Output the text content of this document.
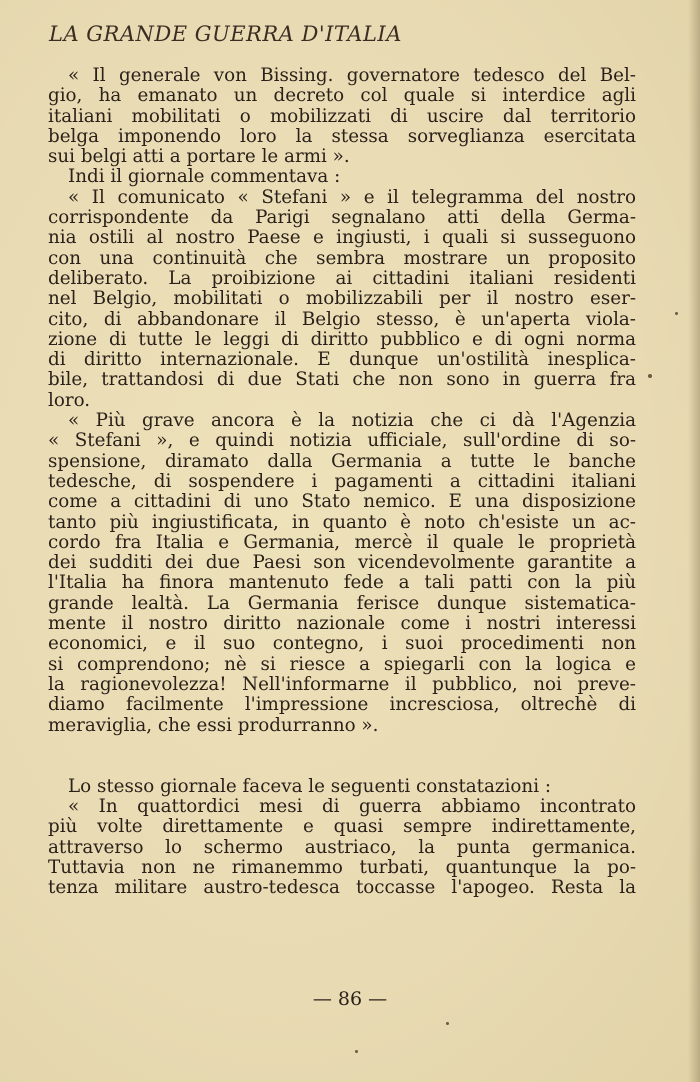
LA GRANDE GUERRA D'ITALIA
« Il generale von Bissing. governatore tedesco del Bel-
gio, ha emanato un decreto col quale si interdice agli
italiani mobilitati o mobilizzati di uscire dal territorio
belga imponendo loro la stessa sorveglianza esercitata
sui belgi atti a portare le armi ».
Indi il giornale commentava :
« Il comunicato « Stefani » e il telegramma del nostro
corrispondente da Parigi segnalano atti della Germa-
nia ostili al nostro Paese e ingiusti, i quali si susseguono
con una continuità che sembra mostrare un proposito
deliberato. La proibizione ai cittadini italiani residenti
nel Belgio, mobilitati o mobilizzabili per il nostro eser-
cito, di abbandonare il Belgio stesso, è un'aperta viola-
zione di tutte le leggi di diritto pubblico e di ogni norma
di diritto internazionale. È dunque un'ostilità inesplica-
bile, trattandosi di due Stati che non sono in guerra fra
loro.
« Più grave ancora è la notizia che ci dà l'Agenzia
« Stefani », e quindi notizia ufficiale, sull'ordine di so-
spensione, diramato dalla Germania a tutte le banche
tedesche, di sospendere i pagamenti a cittadini italiani
come a cittadini di uno Stato nemico. È una disposizione
tanto più ingiustificata, in quanto è noto ch'esiste un ac-
cordo fra Italia e Germania, mercè il quale le proprietà
dei sudditi dei due Paesi son vicendevolmente garantite a
l'Italia ha finora mantenuto fede a tali patti con la più
grande lealtà. La Germania ferisce dunque sistematica-
mente il nostro diritto nazionale come i nostri interessi
economici, e il suo contegno, i suoi procedimenti non
si comprendono; nè si riesce a spiegarli con la logica e
la ragionevolezza! Nell'informarne il pubblico, noi preve-
diamo facilmente l'impressione incresciosa, oltrechè di
meraviglia, che essi produrranno ».
Lo stesso giornale faceva le seguenti constatazioni :
« In quattordici mesi di guerra abbiamo incontrato
più volte direttamente e quasi sempre indirettamente,
attraverso lo schermo austriaco, la punta germanica.
Tuttavia non ne rimanemmo turbati, quantunque la po-
tenza militare austro-tedesca toccasse l'apogeo. Resta la
— 86 —
